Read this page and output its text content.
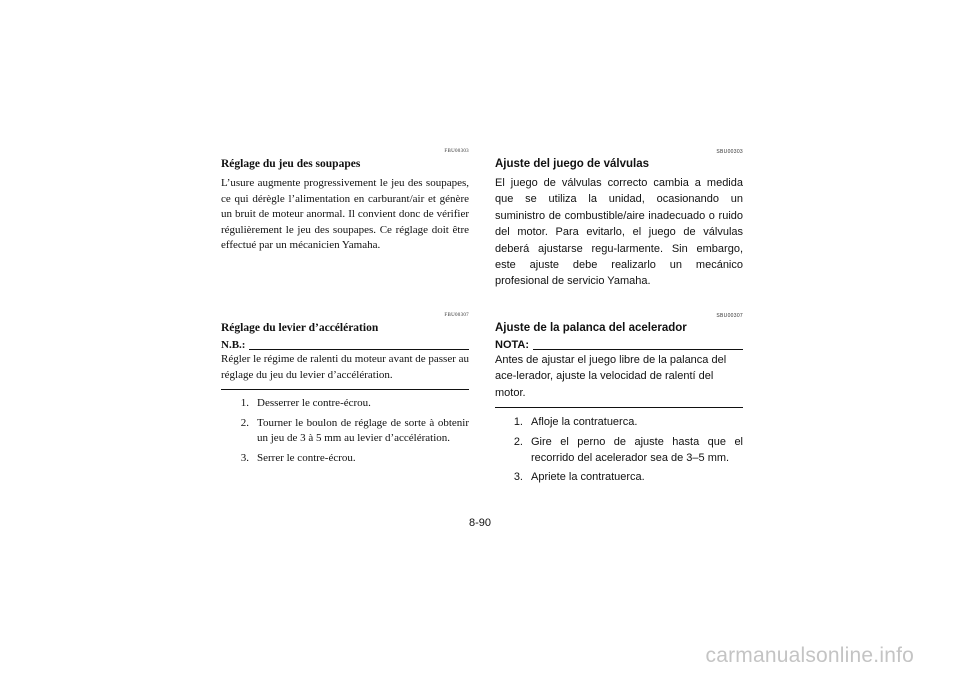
FBU00303
Réglage du jeu des soupapes

L’usure augmente progressivement le jeu des soupapes, ce qui dérègle l’alimentation en carburant/air et génère un bruit de moteur anormal. Il convient donc de vérifier régulièrement le jeu des soupapes. Ce réglage doit être effectué par un mécanicien Yamaha.

FBU00307
Réglage du levier d’accélération
N.B.:

Régler le régime de ralenti du moteur avant de passer au réglage du jeu du levier d’accélération.

1. Desserrer le contre-écrou.
2. Tourner le boulon de réglage de sorte à obtenir un jeu de 3 à 5 mm au levier d’accélération.
3. Serrer le contre-écrou.
SBU00303
Ajuste del juego de válvulas

El juego de válvulas correcto cambia a medida que se utiliza la unidad, ocasionando un suministro de combustible/aire inadecuado o ruido del motor. Para evitarlo, el juego de válvulas deberá ajustarse regu-larmente. Sin embargo, este ajuste debe realizarlo un mecánico profesional de servicio Yamaha.

SBU00307
Ajuste de la palanca del acelerador
NOTA:

Antes de ajustar el juego libre de la palanca del ace-lerador, ajuste la velocidad de ralentí del motor.

1. Afloje la contratuerca.
2. Gire el perno de ajuste hasta que el recorrido del acelerador sea de 3–5 mm.
3. Apriete la contratuerca.
8-90
carmanualsonline.info
